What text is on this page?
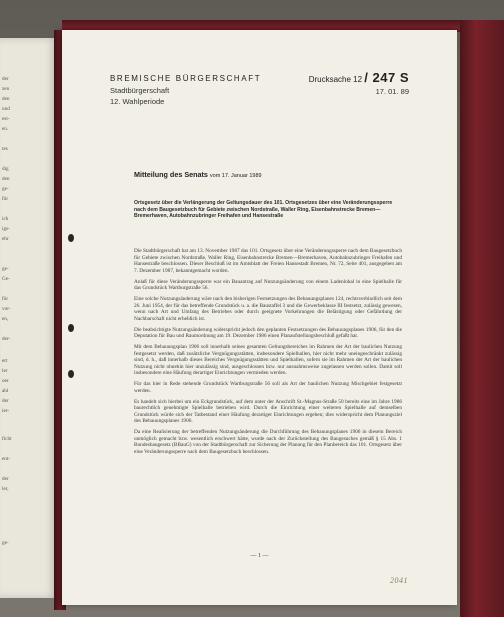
der
zen
den
und
est-
en.
tes
dig
den
ge-
für
ich
igs-
ehr
ge-
Ge-
für
vor-
en,
der-
ert
ler
oer
ahl
der
ier-
ficht
ent-
der
ler,
ge-

BREMISCHE BÜRGERSCHAFT

Stadtbürgerschaft

12. Wahlperiode

Drucksache 12 / 247 S
17. 01. 89
Mitteilung des Senats vom 17. Januar 1989

Ortsgesetz über die Verlängerung der Geltungsdauer des 101. Ortsgesetzes über eine Veränderungssperre nach dem Baugesetzbuch für Gebiete zwischen Nordstraße, Waller Ring, Eisenbahnstrecke Bremen—Bremerhaven, Autobahnzubringer Freihafen und Hansestraße

Die Stadtbürgerschaft hat am 13. November 1987 das 101. Ortsgesetz über eine Veränderungssperre nach dem Baugesetzbuch für Gebiete zwischen Nordstraße, Waller Ring, Eisenbahnstrecke Bremen—Bremerhaven, Autobahnzubringer Freihafen und Hansestraße beschlossen. Dieser Beschluß ist im Amtsblatt der Freien Hansestadt Bremen, Nr. 72, Seite 401, ausgegeben am 7. Dezember 1987, bekanntgemacht worden.

Anlaß für diese Veränderungssperre war ein Bauantrag auf Nutzungsänderung von einem Ladenlokal in eine Spielhalle für das Grundstück Wartburgstraße 56.

Eine solche Nutzungsänderung wäre nach den bisherigen Festsetzungen des Bebauungsplanes 124, rechtsverbindlich seit dem 26. Juni 1954, der für das betreffende Grundstück u. a. die Baustaffel 3 und die Gewerbeklasse III festsetzt, zulässig gewesen, wenn nach Art und Umfang des Betriebes oder durch geeignete Vorkehrungen die Belästigung oder Gefährdung der Nachbarschaft nicht erheblich ist.

Die beabsichtigte Nutzungsänderung widerspricht jedoch den geplanten Festsetzungen des Bebauungsplanes 1906, für den die Deputation für Bau und Raumordnung am 19. Dezember 1986 einen Planaufstellungsbeschluß gefaßt hat.

Mit dem Bebauungsplan 1906 soll innerhalb seines gesamten Geltungsbereiches im Rahmen der Art der baulichen Nutzung festgesetzt werden, daß zusätzliche Vergnügungsstätten, insbesondere Spielhallen, hier nicht mehr uneingeschränkt zulässig sind, d. h., daß innerhalb dieses Bereiches Vergnügungsstätten und Spielhallen, sofern sie im Rahmen der Art der baulichen Nutzung nicht ohnehin hier unzulässig sind, ausgeschlossen bzw. nur ausnahmsweise zugelassen werden sollen. Damit soll insbesondere eine Häufung derartiger Einrichtungen vermieden werden.

Für das hier in Rede stehende Grundstück Wartburgstraße 56 soll als Art der baulichen Nutzung Mischgebiet festgesetzt werden.

Es handelt sich hierbei um ein Eckgrundstück, auf dem unter der Anschrift St.-Magnus-Straße 50 bereits eine im Jahre 1986 baurechtlich genehmigte Spielhalle betrieben wird. Durch die Einrichtung einer weiteren Spielhalle auf demselben Grundstück würde sich der Tatbestand einer Häufung derartiger Einrichtungen ergeben; dies widerspricht dem Planungsziel des Bebauungsplanes 1906.

Da eine Realisierung der betreffenden Nutzungsänderung die Durchführung des Bebauungsplanes 1906 in diesem Bereich unmöglich gemacht bzw. wesentlich erschwert hätte, wurde nach der Zurückstellung des Baugesuches gemäß § 15 Abs. 1 Bundesbaugesetz (BBauG) von der Stadtbürgerschaft zur Sicherung der Planung für den Planbereich das 101. Ortsgesetz über eine Veränderungssperre nach dem Baugesetzbuch beschlossen.

— 1 —
2041
